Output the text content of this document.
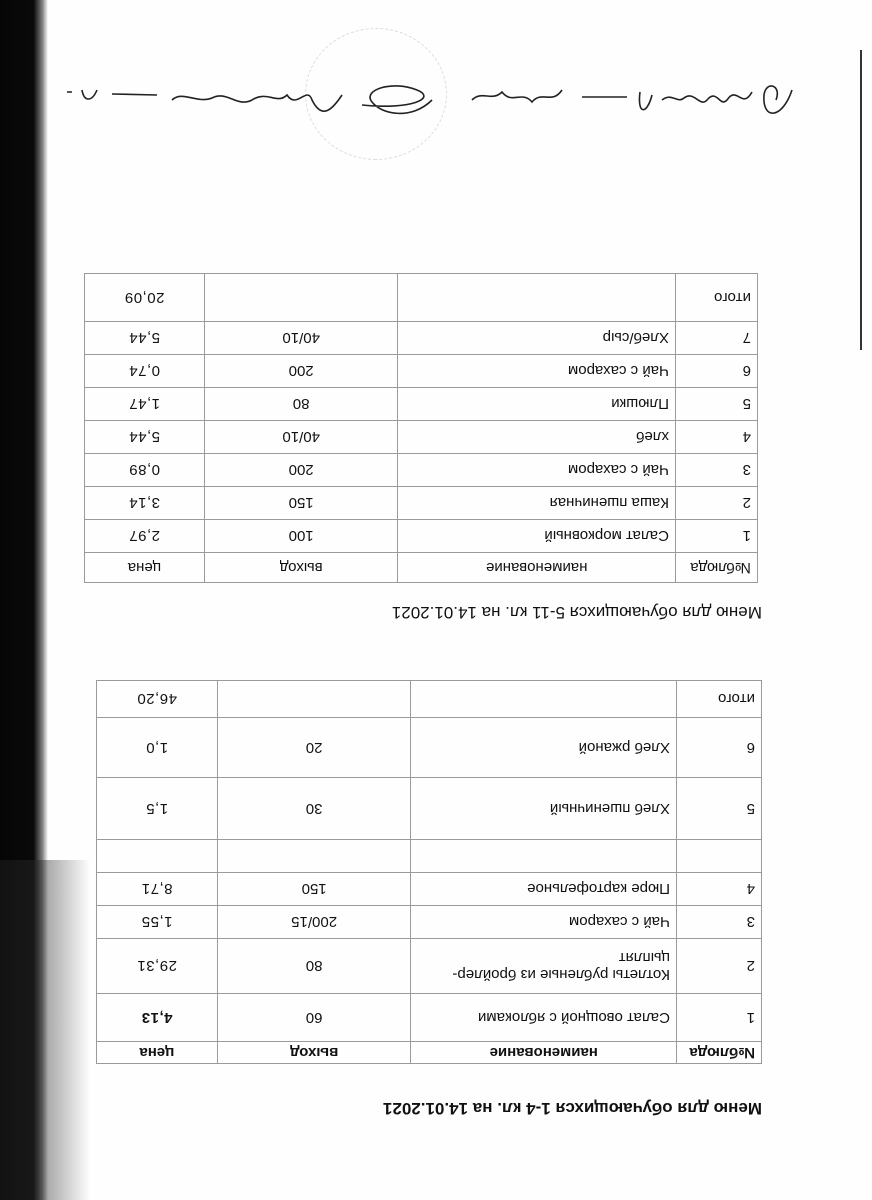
Меню для обучающихся 1-4 кл. на 14.01.2021
№блюда	наименование	выход	цена
1	Салат овощной с яблоками	60	4,13
2	Котлеты рубленые из бройлер-цыплят	80	29,31
3	Чай с сахаром	200/15	1,55
4	Пюре картофельное	150	8,71

5	Хлеб пшеничный	30	1,5
6	Хлеб ржаной	20	1,0
итого			46,20
Меню для обучающихся 5-11 кл. на 14.01.2021
№блюда	наименование	выход	цена
1	Салат морковный	100	2,97
2	Каша пшеничная	150	3,14
3	Чай с сахаром	200	0,89
4	хлеб	40/10	5,44
5	Плюшки	80	1,47
6	Чай с сахаром	200	0,74
7	Хлеб/сыр	40/10	5,44
итого			20,09
Директор школы — Бахтурина Н.В.
